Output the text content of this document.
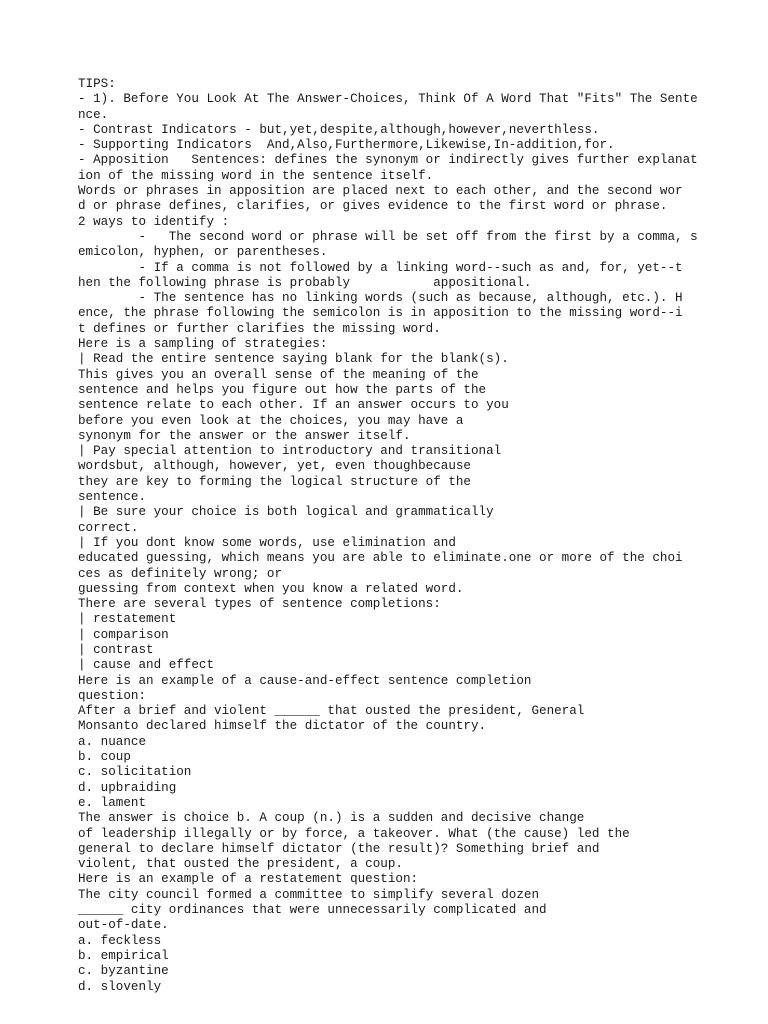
TIPS:
- 1). Before You Look At The Answer-Choices, Think Of A Word That "Fits" The Sente
nce.
- Contrast Indicators - but,yet,despite,although,however,neverthless.
- Supporting Indicators  And,Also,Furthermore,Likewise,In-addition,for.
- Apposition   Sentences: defines the synonym or indirectly gives further explanat
ion of the missing word in the sentence itself.
Words or phrases in apposition are placed next to each other, and the second wor
d or phrase defines, clarifies, or gives evidence to the first word or phrase.
2 ways to identify :
-   The second word or phrase will be set off from the first by a comma, s
emicolon, hyphen, or parentheses.
- If a comma is not followed by a linking word--such as and, for, yet--t
hen the following phrase is probably           appositional.
- The sentence has no linking words (such as because, although, etc.). H
ence, the phrase following the semicolon is in apposition to the missing word--i
t defines or further clarifies the missing word.
Here is a sampling of strategies:
| Read the entire sentence saying blank for the blank(s).
This gives you an overall sense of the meaning of the
sentence and helps you figure out how the parts of the
sentence relate to each other. If an answer occurs to you
before you even look at the choices, you may have a
synonym for the answer or the answer itself.
| Pay special attention to introductory and transitional
wordsbut, although, however, yet, even thoughbecause
they are key to forming the logical structure of the
sentence.
| Be sure your choice is both logical and grammatically
correct.
| If you dont know some words, use elimination and
educated guessing, which means you are able to eliminate.one or more of the choi
ces as definitely wrong; or
guessing from context when you know a related word.
There are several types of sentence completions:
| restatement
| comparison
| contrast
| cause and effect
Here is an example of a cause-and-effect sentence completion
question:
After a brief and violent ______ that ousted the president, General
Monsanto declared himself the dictator of the country.
a. nuance
b. coup
c. solicitation
d. upbraiding
e. lament
The answer is choice b. A coup (n.) is a sudden and decisive change
of leadership illegally or by force, a takeover. What (the cause) led the
general to declare himself dictator (the result)? Something brief and
violent, that ousted the president, a coup.
Here is an example of a restatement question:
The city council formed a committee to simplify several dozen
______ city ordinances that were unnecessarily complicated and
out-of-date.
a. feckless
b. empirical
c. byzantine
d. slovenly
